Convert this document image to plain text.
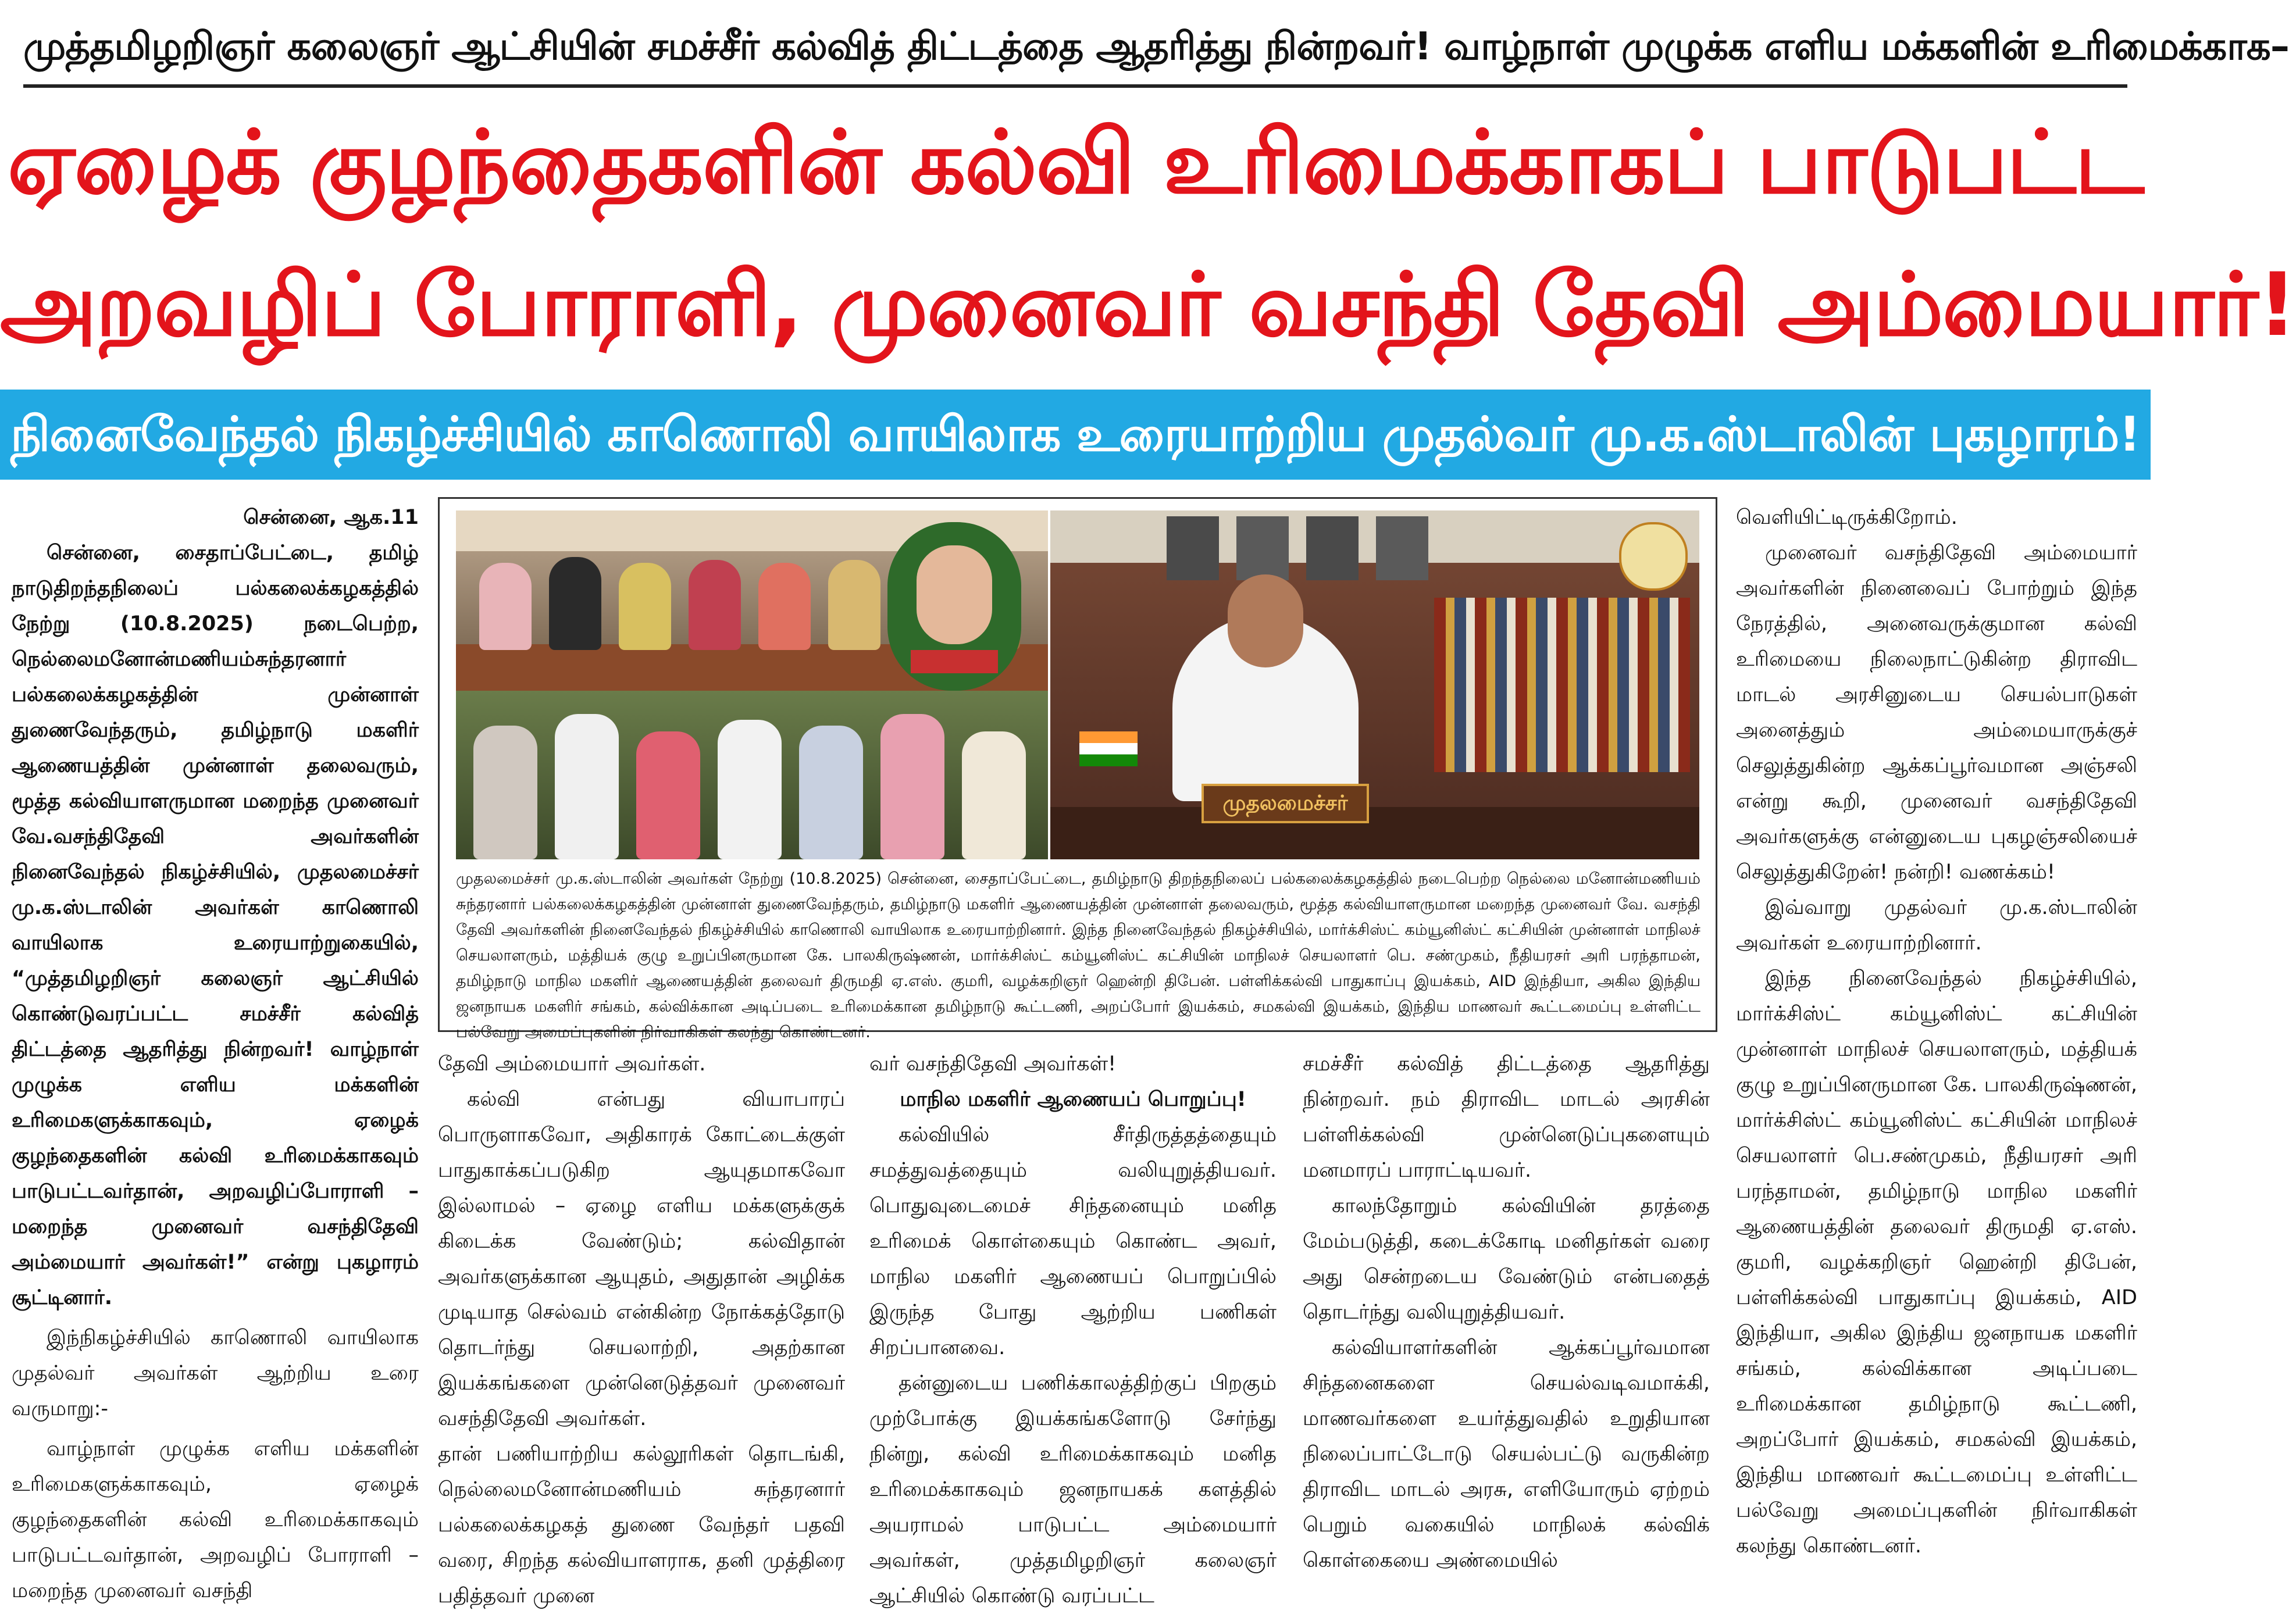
முத்தமிழறிஞர் கலைஞர் ஆட்சியின் சமச்சீர் கல்வித் திட்டத்தை ஆதரித்து நின்றவர்! வாழ்நாள் முழுக்க எளிய மக்களின் உரிமைக்காக–
ஏழைக் குழந்தைகளின் கல்வி உரிமைக்காகப் பாடுபட்ட
அறவழிப் போராளி, முனைவர் வசந்தி தேவி அம்மையார்!
நினைவேந்தல் நிகழ்ச்சியில் காணொலி வாயிலாக உரையாற்றிய முதல்வர் மு.க.ஸ்டாலின் புகழாரம்!

சென்னை, ஆக.11

சென்னை, சைதாப்பேட்டை, தமிழ் நாடுதிறந்தநிலைப் பல்கலைக்கழகத்தில் நேற்று (10.8.2025) நடைபெற்ற, நெல்லைமனோன்மணியம்சுந்தரனார் பல்கலைக்கழகத்தின் முன்னாள் துணைவேந்தரும், தமிழ்நாடு மகளிர் ஆணையத்தின் முன்னாள் தலைவரும், மூத்த கல்வியாளருமான மறைந்த முனைவர் வே.வசந்திதேவி அவர்களின் நினைவேந்தல் நிகழ்ச்சியில், முதலமைச்சர் மு.க.ஸ்டாலின் அவர்கள் காணொலி வாயிலாக உரையாற்றுகையில், “முத்தமிழறிஞர் கலைஞர் ஆட்சியில் கொண்டுவரப்பட்ட சமச்சீர் கல்வித் திட்டத்தை ஆதரித்து நின்றவர்! வாழ்நாள் முழுக்க எளிய மக்களின் உரிமைகளுக்காகவும், ஏழைக் குழந்தைகளின் கல்வி உரிமைக்காகவும் பாடுபட்டவர்தான், அறவழிப்போராளி – மறைந்த முனைவர் வசந்திதேவி அம்மையார் அவர்கள்!” என்று புகழாரம் சூட்டினார்.

இந்நிகழ்ச்சியில் காணொலி வாயிலாக முதல்வர் அவர்கள் ஆற்றிய உரை வருமாறு:-

வாழ்நாள் முழுக்க எளிய மக்களின் உரிமைகளுக்காகவும், ஏழைக் குழந்தைகளின் கல்வி உரிமைக்காகவும் பாடுபட்டவர்தான், அறவழிப் போராளி – மறைந்த முனைவர் வசந்தி

முதலமைச்சர்
முதலமைச்சர் மு.க.ஸ்டாலின் அவர்கள் நேற்று (10.8.2025) சென்னை, சைதாப்பேட்டை, தமிழ்நாடு திறந்தநிலைப் பல்கலைக்கழகத்தில் நடைபெற்ற நெல்லை மனோன்மணியம் சுந்தரனார் பல்கலைக்கழகத்தின் முன்னாள் துணைவேந்தரும், தமிழ்நாடு மகளிர் ஆணையத்தின் முன்னாள் தலைவரும், மூத்த கல்வியாளருமான மறைந்த முனைவர் வே. வசந்தி தேவி அவர்களின் நினைவேந்தல் நிகழ்ச்சியில் காணொலி வாயிலாக உரையாற்றினார். இந்த நினைவேந்தல் நிகழ்ச்சியில், மார்க்சிஸ்ட் கம்யூனிஸ்ட் கட்சியின் முன்னாள் மாநிலச் செயலாளரும், மத்தியக் குழு உறுப்பினருமான கே. பாலகிருஷ்ணன், மார்க்சிஸ்ட் கம்யூனிஸ்ட் கட்சியின் மாநிலச் செயலாளர் பெ. சண்முகம், நீதியரசர் அரி பரந்தாமன், தமிழ்நாடு மாநில மகளிர் ஆணையத்தின் தலைவர் திருமதி ஏ.எஸ். குமரி, வழக்கறிஞர் ஹென்றி திபேன். பள்ளிக்கல்வி பாதுகாப்பு இயக்கம், AID இந்தியா, அகில இந்திய ஜனநாயக மகளிர் சங்கம், கல்விக்கான அடிப்படை உரிமைக்கான தமிழ்நாடு கூட்டணி, அறப்போர் இயக்கம், சமகல்வி இயக்கம், இந்திய மாணவர் கூட்டமைப்பு உள்ளிட்ட பல்வேறு அமைப்புகளின் நிர்வாகிகள் கலந்து கொண்டனர்.

தேவி அம்மையார் அவர்கள்.

கல்வி என்பது வியாபாரப் பொருளாகவோ, அதிகாரக் கோட்டைக்குள் பாதுகாக்கப்படுகிற ஆயுதமாகவோ இல்லாமல் – ஏழை எளிய மக்களுக்குக் கிடைக்க வேண்டும்; கல்விதான் அவர்களுக்கான ஆயுதம், அதுதான் அழிக்க முடியாத செல்வம் என்கின்ற நோக்கத்தோடு தொடர்ந்து செயலாற்றி, அதற்கான இயக்கங்களை முன்னெடுத்தவர் முனைவர் வசந்திதேவி அவர்கள்.

தான் பணியாற்றிய கல்லூரிகள் தொடங்கி, நெல்லைமனோன்மணியம் சுந்தரனார் பல்கலைக்கழகத் துணை வேந்தர் பதவி வரை, சிறந்த கல்வியாளராக, தனி முத்திரை பதித்தவர் முனை

வர் வசந்திதேவி அவர்கள்!

மாநில மகளிர் ஆணையப் பொறுப்பு!

கல்வியில் சீர்திருத்தத்தையும் சமத்துவத்தையும் வலியுறுத்தியவர். பொதுவுடைமைச் சிந்தனையும் மனித உரிமைக் கொள்கையும் கொண்ட அவர், மாநில மகளிர் ஆணையப் பொறுப்பில் இருந்த போது ஆற்றிய பணிகள் சிறப்பானவை.

தன்னுடைய பணிக்காலத்திற்குப் பிறகும் முற்போக்கு இயக்கங்களோடு சேர்ந்து நின்று, கல்வி உரிமைக்காகவும் மனித உரிமைக்காகவும் ஜனநாயகக் களத்தில் அயராமல் பாடுபட்ட அம்மையார் அவர்கள், முத்தமிழறிஞர் கலைஞர் ஆட்சியில் கொண்டு வரப்பட்ட

சமச்சீர் கல்வித் திட்டத்தை ஆதரித்து நின்றவர். நம் திராவிட மாடல் அரசின் பள்ளிக்கல்வி முன்னெடுப்புகளையும் மனமாரப் பாராட்டியவர்.

காலந்தோறும் கல்வியின் தரத்தை மேம்படுத்தி, கடைக்கோடி மனிதர்கள் வரை அது சென்றடைய வேண்டும் என்பதைத் தொடர்ந்து வலியுறுத்தியவர்.

கல்வியாளர்களின் ஆக்கப்பூர்வமான சிந்தனைகளை செயல்வடிவமாக்கி, மாணவர்களை உயர்த்துவதில் உறுதியான நிலைப்பாட்டோடு செயல்பட்டு வருகின்ற திராவிட மாடல் அரசு, எளியோரும் ஏற்றம் பெறும் வகையில் மாநிலக் கல்விக் கொள்கையை அண்மையில்

வெளியிட்டிருக்கிறோம்.

முனைவர் வசந்திதேவி அம்மையார் அவர்களின் நினைவைப் போற்றும் இந்த நேரத்தில், அனைவருக்குமான கல்வி உரிமையை நிலைநாட்டுகின்ற திராவிட மாடல் அரசினுடைய செயல்பாடுகள் அனைத்தும் அம்மையாருக்குச் செலுத்துகின்ற ஆக்கப்பூர்வமான அஞ்சலி என்று கூறி, முனைவர் வசந்திதேவி அவர்களுக்கு என்னுடைய புகழஞ்சலியைச் செலுத்துகிறேன்! நன்றி! வணக்கம்!

இவ்வாறு முதல்வர் மு.க.ஸ்டாலின் அவர்கள் உரையாற்றினார்.

இந்த நினைவேந்தல் நிகழ்ச்சியில், மார்க்சிஸ்ட் கம்யூனிஸ்ட் கட்சியின் முன்னாள் மாநிலச் செயலாளரும், மத்தியக் குழு உறுப்பினருமான கே. பாலகிருஷ்ணன், மார்க்சிஸ்ட் கம்யூனிஸ்ட் கட்சியின் மாநிலச் செயலாளர் பெ.சண்முகம், நீதியரசர் அரி பரந்தாமன், தமிழ்நாடு மாநில மகளிர் ஆணையத்தின் தலைவர் திருமதி ஏ.எஸ். குமரி, வழக்கறிஞர் ஹென்றி திபேன், பள்ளிக்கல்வி பாதுகாப்பு இயக்கம், AID இந்தியா, அகில இந்திய ஜனநாயக மகளிர் சங்கம், கல்விக்கான அடிப்படை உரிமைக்கான தமிழ்நாடு கூட்டணி, அறப்போர் இயக்கம், சமகல்வி இயக்கம், இந்திய மாணவர் கூட்டமைப்பு உள்ளிட்ட பல்வேறு அமைப்புகளின் நிர்வாகிகள் கலந்து கொண்டனர்.
